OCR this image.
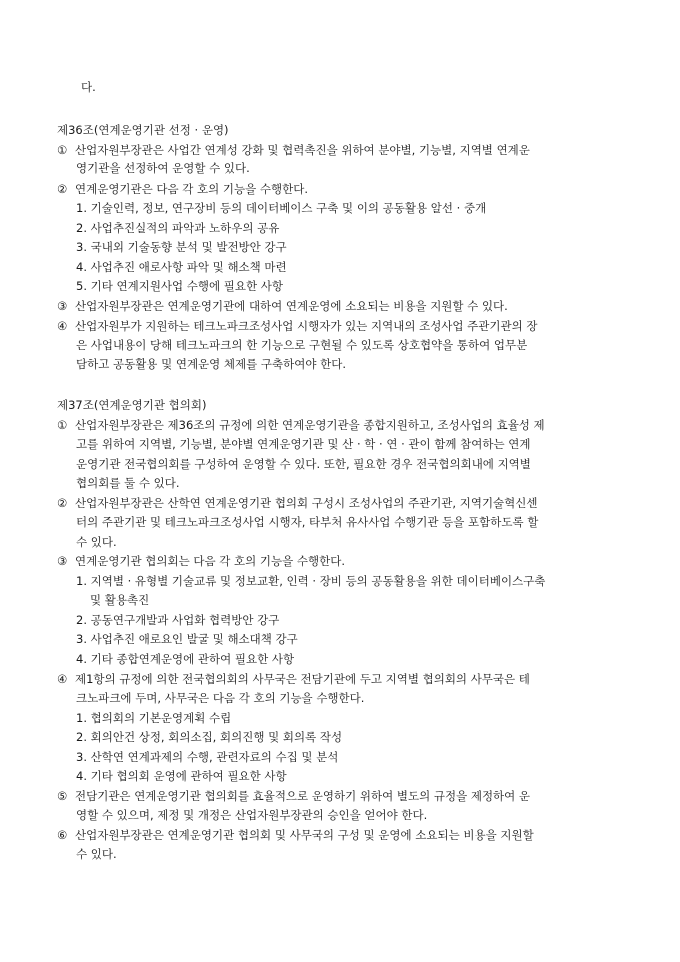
다.
제36조(연계운영기관 선정 · 운영)
① 산업자원부장관은 사업간 연계성 강화 및 협력촉진을 위하여 분야별, 기능별, 지역별 연계운
영기관을 선정하여 운영할 수 있다.
② 연계운영기관은 다음 각 호의 기능을 수행한다.
1. 기술인력, 정보, 연구장비 등의 데이터베이스 구축 및 이의 공동활용 알선 · 중개
2. 사업추진실적의 파악과 노하우의 공유
3. 국내외 기술동향 분석 및 발전방안 강구
4. 사업추진 애로사항 파악 및 해소책 마련
5. 기타 연계지원사업 수행에 필요한 사항
③ 산업자원부장관은 연계운영기관에 대하여 연계운영에 소요되는 비용을 지원할 수 있다.
④ 산업자원부가 지원하는 테크노파크조성사업 시행자가 있는 지역내의 조성사업 주관기관의 장
은 사업내용이 당해 테크노파크의 한 기능으로 구현될 수 있도록 상호협약을 통하여 업무분
담하고 공동활용 및 연계운영 체제를 구축하여야 한다.
제37조(연계운영기관 협의회)
① 산업자원부장관은 제36조의 규정에 의한 연계운영기관을 종합지원하고, 조성사업의 효율성 제
고를 위하여 지역별, 기능별, 분야별 연계운영기관 및 산 · 학 · 연 · 관이 함께 참여하는 연계
운영기관 전국협의회를 구성하여 운영할 수 있다. 또한, 필요한 경우 전국협의회내에 지역별
협의회를 둘 수 있다.
② 산업자원부장관은 산학연 연계운영기관 협의회 구성시 조성사업의 주관기관, 지역기술혁신센
터의 주관기관 및 테크노파크조성사업 시행자, 타부처 유사사업 수행기관 등을 포함하도록 할
수 있다.
③ 연계운영기관 협의회는 다음 각 호의 기능을 수행한다.
1. 지역별 · 유형별 기술교류 및 정보교환, 인력 · 장비 등의 공동활용을 위한 데이터베이스구축
및 활용촉진
2. 공동연구개발과 사업화 협력방안 강구
3. 사업추진 애로요인 발굴 및 해소대책 강구
4. 기타 종합연계운영에 관하여 필요한 사항
④ 제1항의 규정에 의한 전국협의회의 사무국은 전담기관에 두고 지역별 협의회의 사무국은 테
크노파크에 두며, 사무국은 다음 각 호의 기능을 수행한다.
1. 협의회의 기본운영계획 수립
2. 회의안건 상정, 회의소집, 회의진행 및 회의록 작성
3. 산학연 연계과제의 수행, 관련자료의 수집 및 분석
4. 기타 협의회 운영에 관하여 필요한 사항
⑤ 전담기관은 연계운영기관 협의회를 효율적으로 운영하기 위하여 별도의 규정을 제정하여 운
영할 수 있으며, 제정 및 개정은 산업자원부장관의 승인을 얻어야 한다.
⑥ 산업자원부장관은 연계운영기관 협의회 및 사무국의 구성 및 운영에 소요되는 비용을 지원할
수 있다.
